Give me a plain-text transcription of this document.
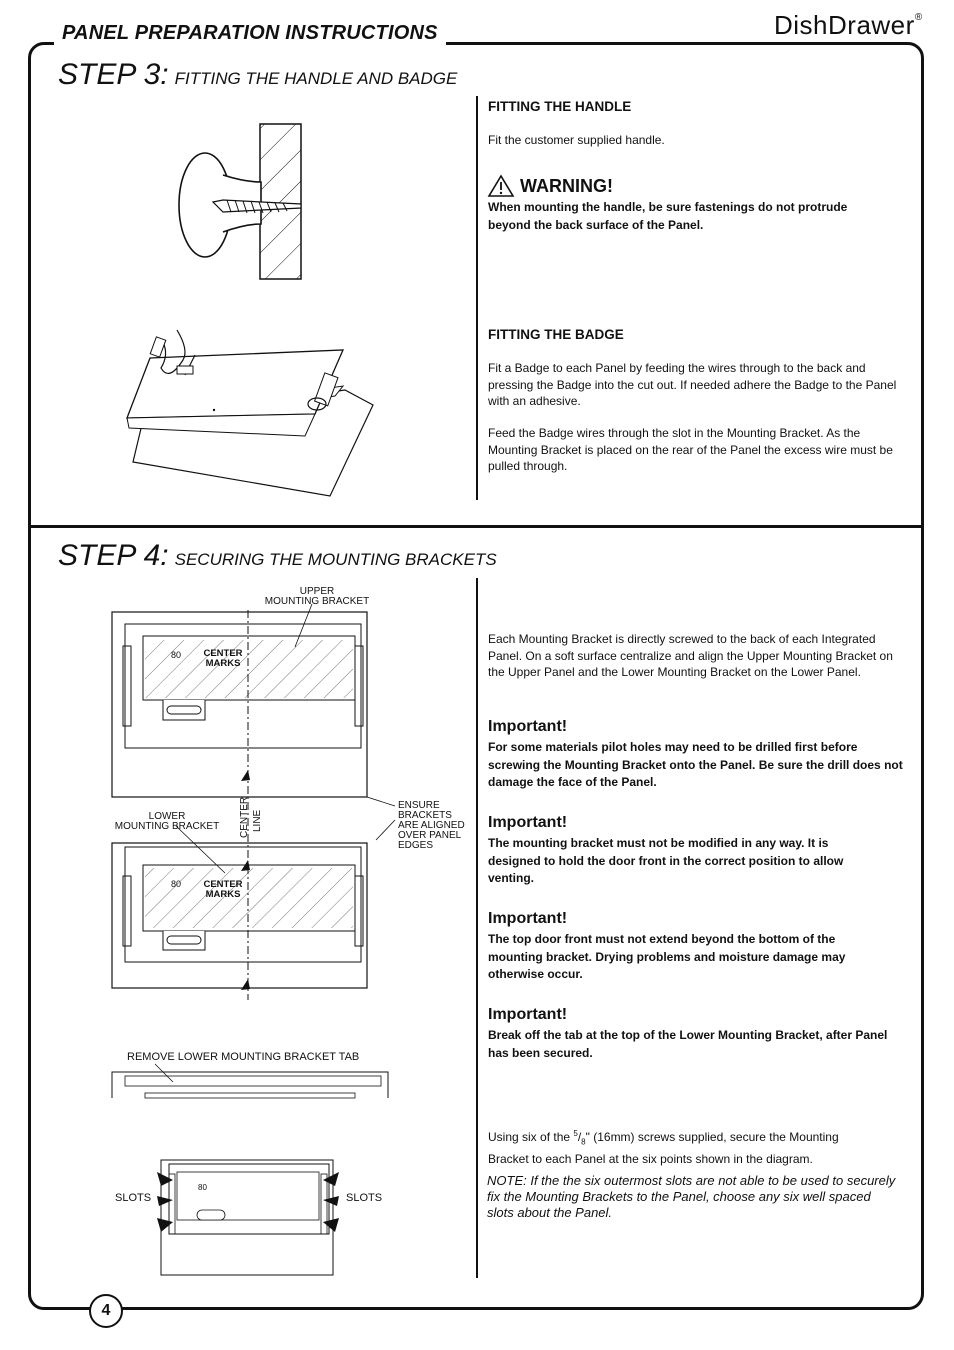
PANEL PREPARATION INSTRUCTIONS	DishDrawer®
STEP 3: FITTING THE HANDLE AND BADGE
FITTING THE HANDLE
Fit the customer supplied handle.
WARNING!
When mounting the handle, be sure fastenings do not protrude beyond the back surface of the Panel.
FITTING THE BADGE
Fit a Badge to each Panel by feeding the wires through to the back and pressing the Badge into the cut out. If needed adhere the Badge to the Panel with an adhesive.
Feed the Badge wires through the slot in the Mounting Bracket. As the Mounting Bracket is placed on the rear of the Panel the excess wire must be pulled through.
STEP 4: SECURING THE MOUNTING BRACKETS
Each Mounting Bracket is directly screwed to the back of each Integrated Panel. On a soft surface centralize and align the Upper Mounting Bracket on the Upper Panel and the Lower Mounting Bracket on the Lower Panel.
Important!
For some materials pilot holes may need to be drilled first before screwing the Mounting Bracket onto the Panel. Be sure the drill does not damage the face of the Panel.
Important!
The mounting bracket must not be modified in any way. It is designed to hold the door front in the correct position to allow venting.
Important!
The top door front must not extend beyond the bottom of the mounting bracket. Drying problems and moisture damage may otherwise occur.
Important!
Break off the tab at the top of the Lower Mounting Bracket, after Panel has been secured.
Using six of the $^5/_8$" (16mm) screws supplied, secure the Mounting Bracket to each Panel at the six points shown in the diagram.
NOTE: If the the six outermost slots are not able to be used to securely fix the Mounting Brackets to the Panel, choose any six well spaced slots about the Panel.
UPPER
MOUNTING BRACKET
80 CENTER
MARKS
LOWER
MOUNTING BRACKET CENTER LINE
ENSURE
BRACKETS
ARE ALIGNED
OVER PANEL
EDGES
80 CENTER
MARKS
REMOVE LOWER MOUNTING BRACKET TAB
80
SLOTS	SLOTS
4
